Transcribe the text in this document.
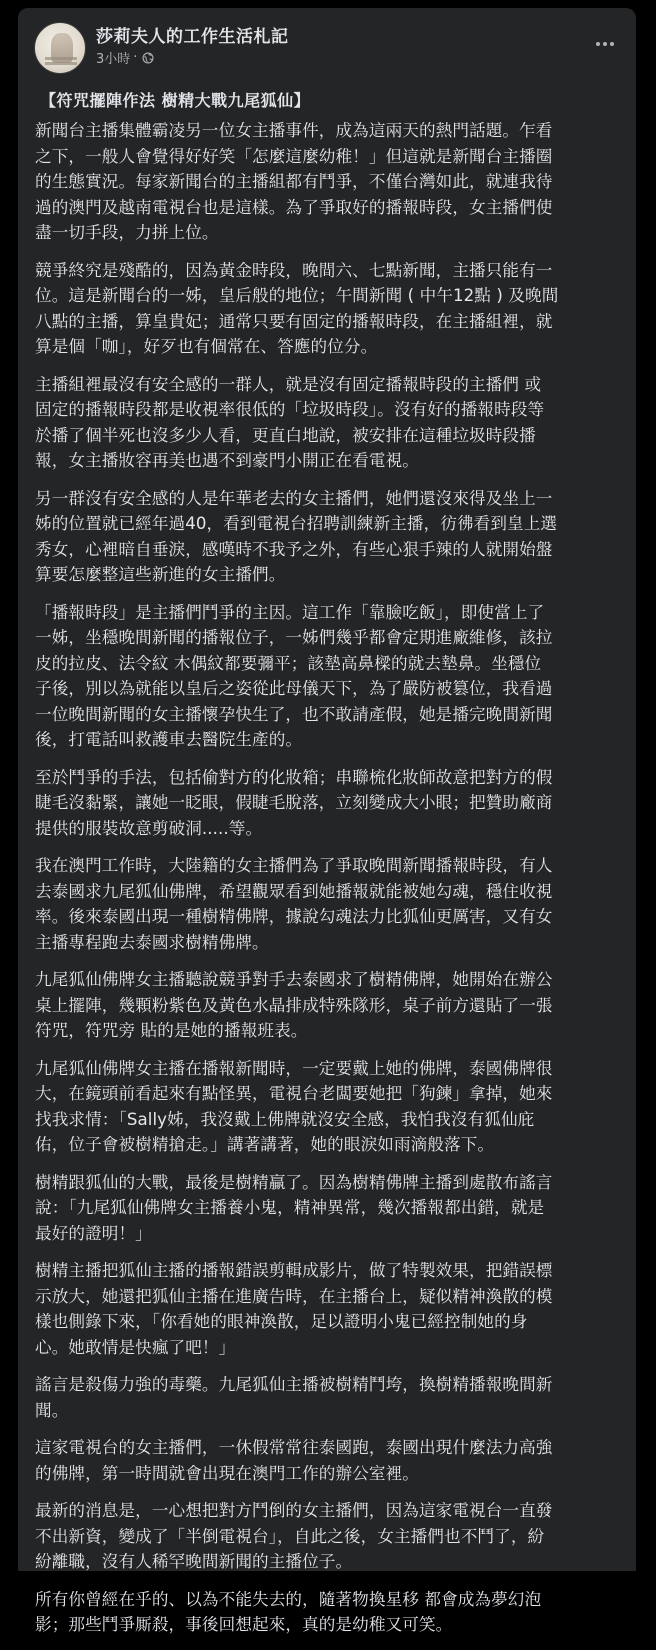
莎莉夫人的工作生活札記
3小時 ·
【符咒擺陣作法 樹精大戰九尾狐仙】

新聞台主播集體霸凌另一位女主播事件，成為這兩天的熱門話題。乍看
之下，一般人會覺得好好笑「怎麼這麼幼稚！」但這就是新聞台主播圈
的生態實況。每家新聞台的主播組都有鬥爭，不僅台灣如此，就連我待
過的澳門及越南電視台也是這樣。為了爭取好的播報時段，女主播們使
盡一切手段，力拼上位。

競爭終究是殘酷的，因為黃金時段，晚間六、七點新聞，主播只能有一
位。這是新聞台的一姊，皇后般的地位；午間新聞 ( 中午12點 ) 及晚間
八點的主播，算皇貴妃；通常只要有固定的播報時段，在主播組裡，就
算是個「咖」，好歹也有個常在、答應的位分。

主播組裡最沒有安全感的一群人，就是沒有固定播報時段的主播們 或
固定的播報時段都是收視率很低的「垃圾時段」。沒有好的播報時段等
於播了個半死也沒多少人看，更直白地說，被安排在這種垃圾時段播
報，女主播妝容再美也遇不到豪門小開正在看電視。

另一群沒有安全感的人是年華老去的女主播們，她們還沒來得及坐上一
姊的位置就已經年過40，看到電視台招聘訓練新主播，彷彿看到皇上選
秀女，心裡暗自垂淚，感嘆時不我予之外，有些心狠手辣的人就開始盤
算要怎麼整這些新進的女主播們。

「播報時段」是主播們鬥爭的主因。這工作「靠臉吃飯」，即使當上了
一姊，坐穩晚間新聞的播報位子，一姊們幾乎都會定期進廠維修，該拉
皮的拉皮、法令紋 木偶紋都要彌平；該墊高鼻樑的就去墊鼻。坐穩位
子後，別以為就能以皇后之姿從此母儀天下，為了嚴防被篡位，我看過
一位晚間新聞的女主播懷孕快生了，也不敢請產假，她是播完晚間新聞
後，打電話叫救護車去醫院生產的。

至於鬥爭的手法，包括偷對方的化妝箱；串聯梳化妝師故意把對方的假
睫毛沒黏緊，讓她一眨眼，假睫毛脫落，立刻變成大小眼；把贊助廠商
提供的服裝故意剪破洞.....等。

我在澳門工作時，大陸籍的女主播們為了爭取晚間新聞播報時段，有人
去泰國求九尾狐仙佛牌，希望觀眾看到她播報就能被她勾魂，穩住收視
率。後來泰國出現一種樹精佛牌，據說勾魂法力比狐仙更厲害，又有女
主播專程跑去泰國求樹精佛牌。

九尾狐仙佛牌女主播聽說競爭對手去泰國求了樹精佛牌，她開始在辦公
桌上擺陣，幾顆粉紫色及黃色水晶排成特殊隊形，桌子前方還貼了一張
符咒，符咒旁 貼的是她的播報班表。

九尾狐仙佛牌女主播在播報新聞時，一定要戴上她的佛牌，泰國佛牌很
大，在鏡頭前看起來有點怪異，電視台老闆要她把「狗鍊」拿掉，她來
找我求情：「Sally姊，我沒戴上佛牌就沒安全感，我怕我沒有狐仙庇
佑，位子會被樹精搶走。」講著講著，她的眼淚如雨滴般落下。

樹精跟狐仙的大戰，最後是樹精贏了。因為樹精佛牌主播到處散布謠言
說：「九尾狐仙佛牌女主播養小鬼，精神異常，幾次播報都出錯，就是
最好的證明！」

樹精主播把狐仙主播的播報錯誤剪輯成影片，做了特製效果，把錯誤標
示放大，她還把狐仙主播在進廣告時，在主播台上，疑似精神渙散的模
樣也側錄下來，「你看她的眼神渙散，足以證明小鬼已經控制她的身
心。她敢情是快瘋了吧！」

謠言是殺傷力強的毒藥。九尾狐仙主播被樹精鬥垮，換樹精播報晚間新
聞。

這家電視台的女主播們，一休假常常往泰國跑，泰國出現什麼法力高強
的佛牌，第一時間就會出現在澳門工作的辦公室裡。

最新的消息是，一心想把對方鬥倒的女主播們，因為這家電視台一直發
不出新資，變成了「半倒電視台」，自此之後，女主播們也不鬥了，紛
紛離職，沒有人稀罕晚間新聞的主播位子。

所有你曾經在乎的、以為不能失去的，隨著物換星移 都會成為夢幻泡
影；那些鬥爭厮殺，事後回想起來，真的是幼稚又可笑。
